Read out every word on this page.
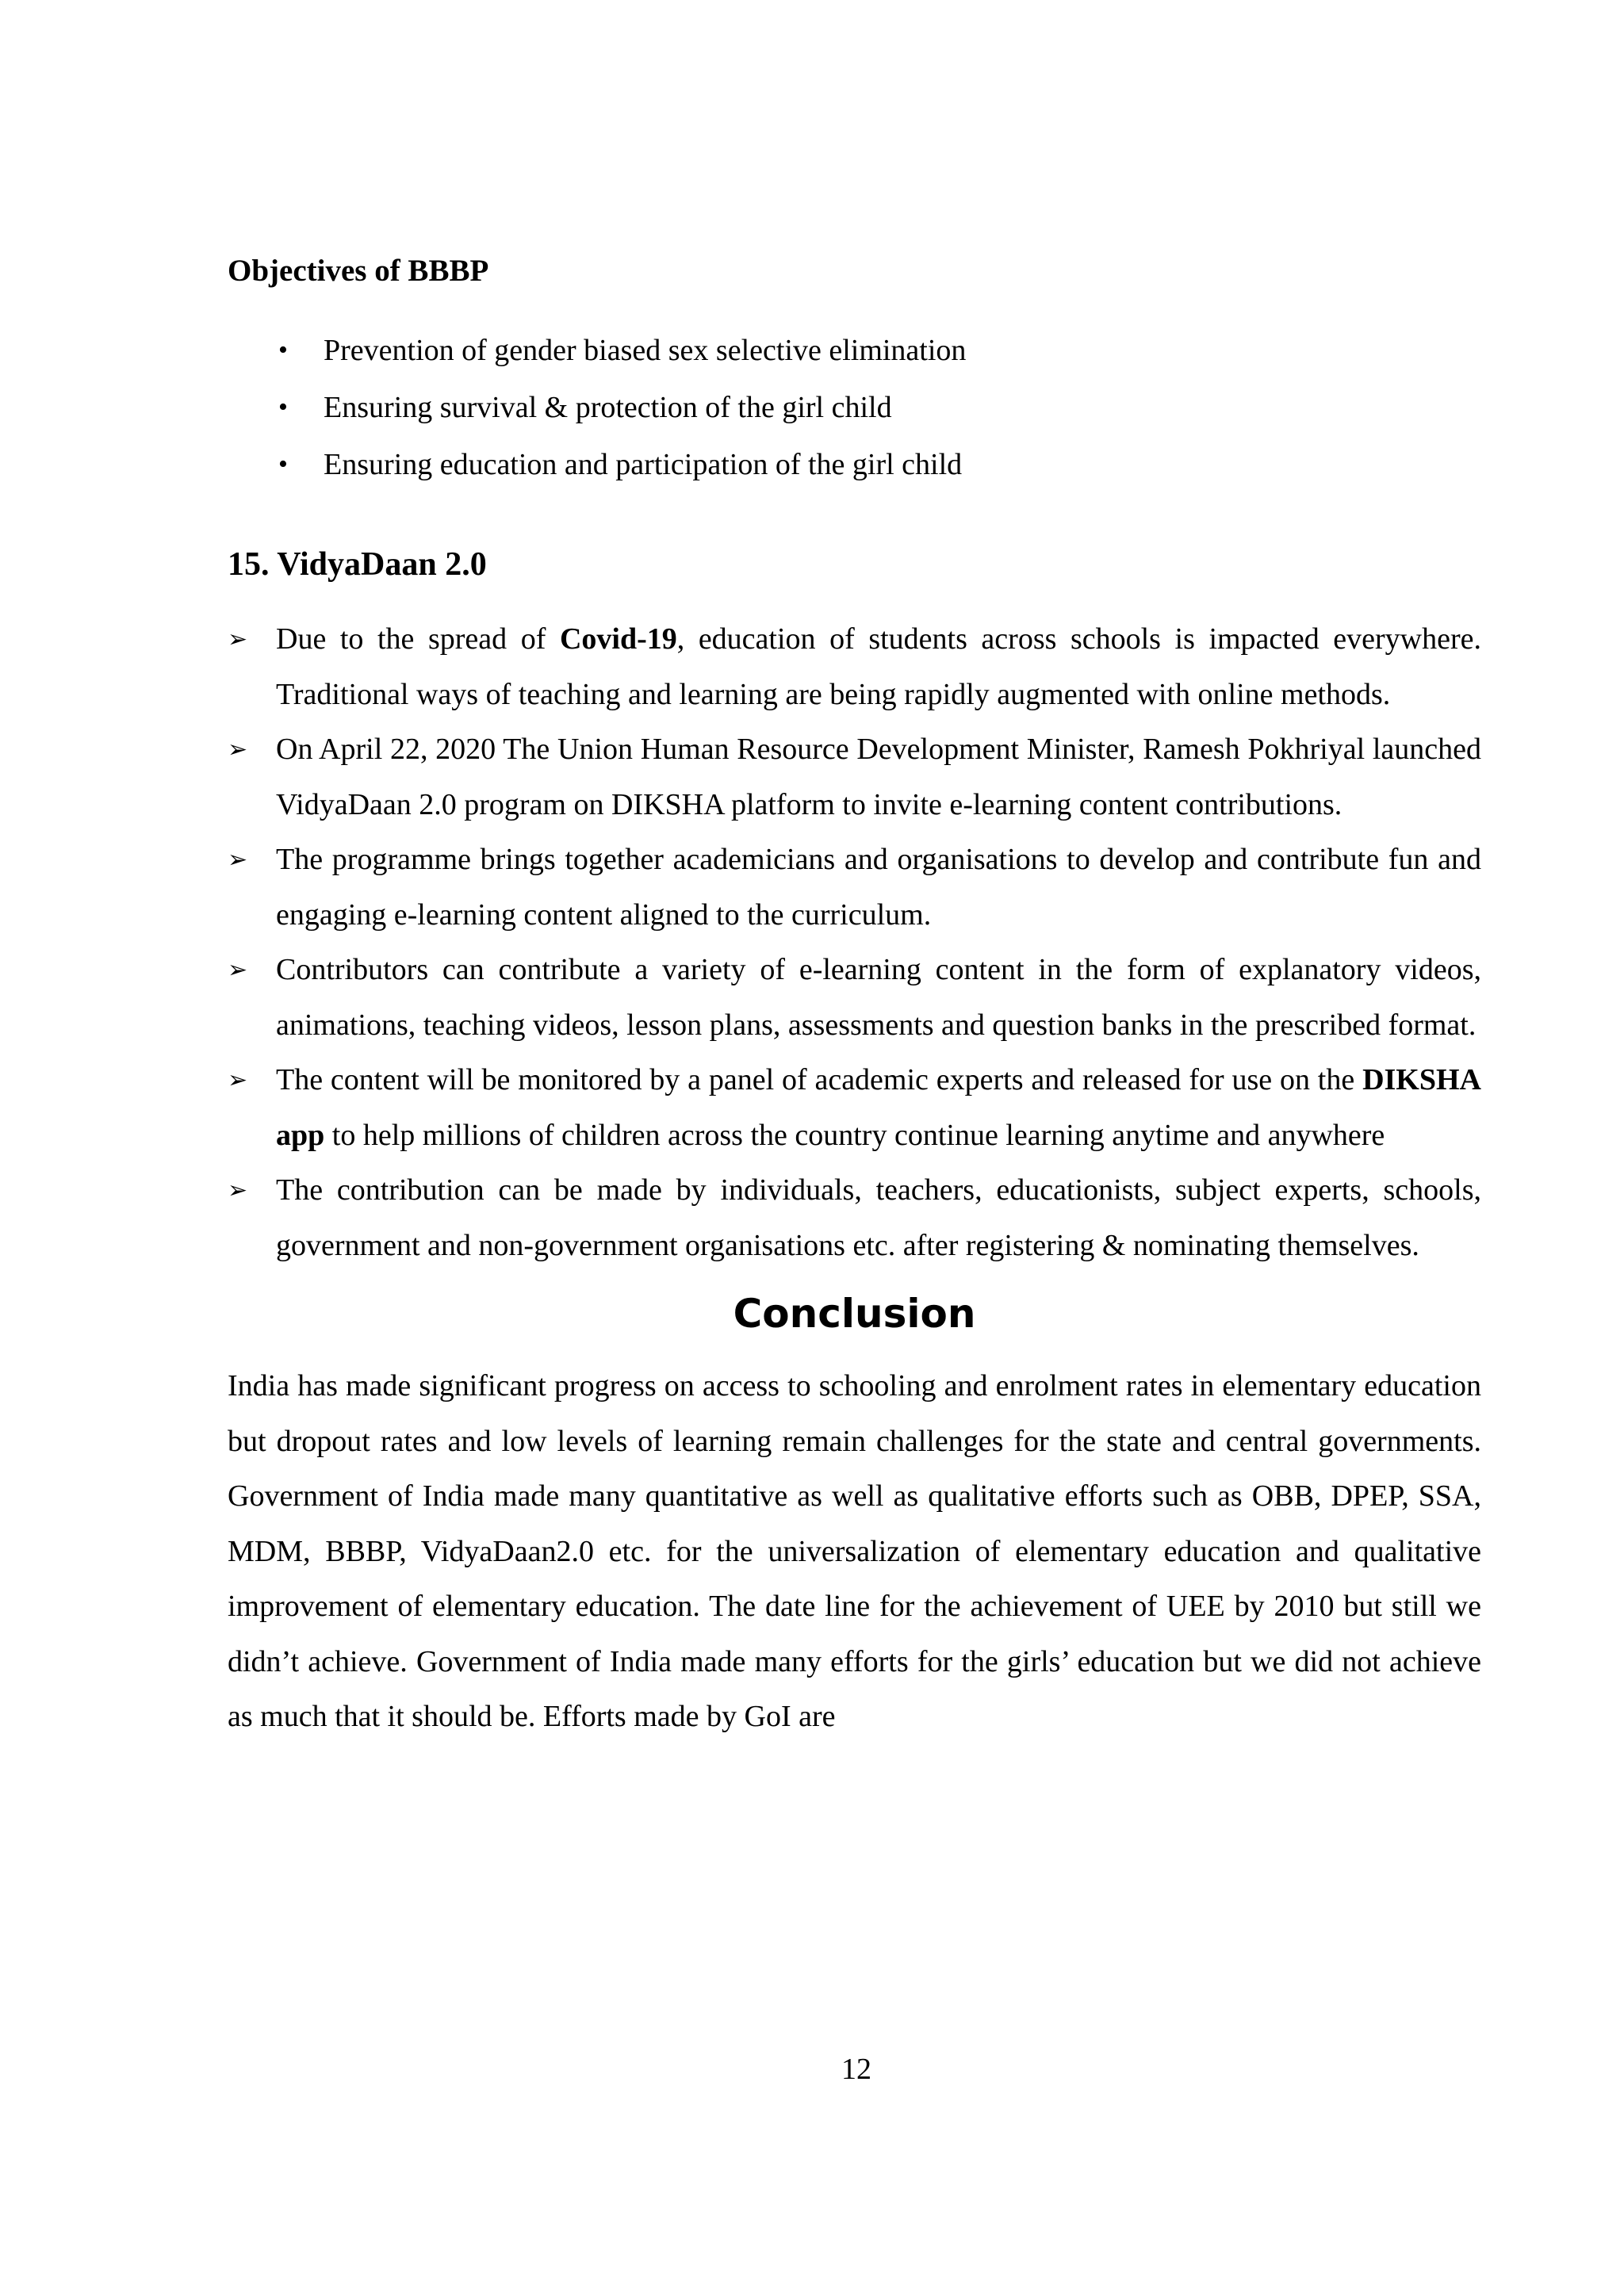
Objectives of BBBP
• Prevention of gender biased sex selective elimination
• Ensuring survival & protection of the girl child
• Ensuring education and participation of the girl child
15. VidyaDaan 2.0
➢ Due to the spread of Covid-19, education of students across schools is impacted everywhere. Traditional ways of teaching and learning are being rapidly augmented with online methods.
➢ On April 22, 2020 The Union Human Resource Development Minister, Ramesh Pokhriyal launched VidyaDaan 2.0 program on DIKSHA platform to invite e-learning content contributions.
➢ The programme brings together academicians and organisations to develop and contribute fun and engaging e-learning content aligned to the curriculum.
➢ Contributors can contribute a variety of e-learning content in the form of explanatory videos, animations, teaching videos, lesson plans, assessments and question banks in the prescribed format.
➢ The content will be monitored by a panel of academic experts and released for use on the DIKSHA app to help millions of children across the country continue learning anytime and anywhere
➢ The contribution can be made by individuals, teachers, educationists, subject experts, schools, government and non-government organisations etc. after registering & nominating themselves.
Conclusion

India has made significant progress on access to schooling and enrolment rates in elementary education but dropout rates and low levels of learning remain challenges for the state and central governments. Government of India made many quantitative as well as qualitative efforts such as OBB, DPEP, SSA, MDM, BBBP, VidyaDaan2.0 etc. for the universalization of elementary education and qualitative improvement of elementary education. The date line for the achievement of UEE by 2010 but still we didn’t achieve. Government of India made many efforts for the girls’ education but we did not achieve as much that it should be. Efforts made by GoI are

12
